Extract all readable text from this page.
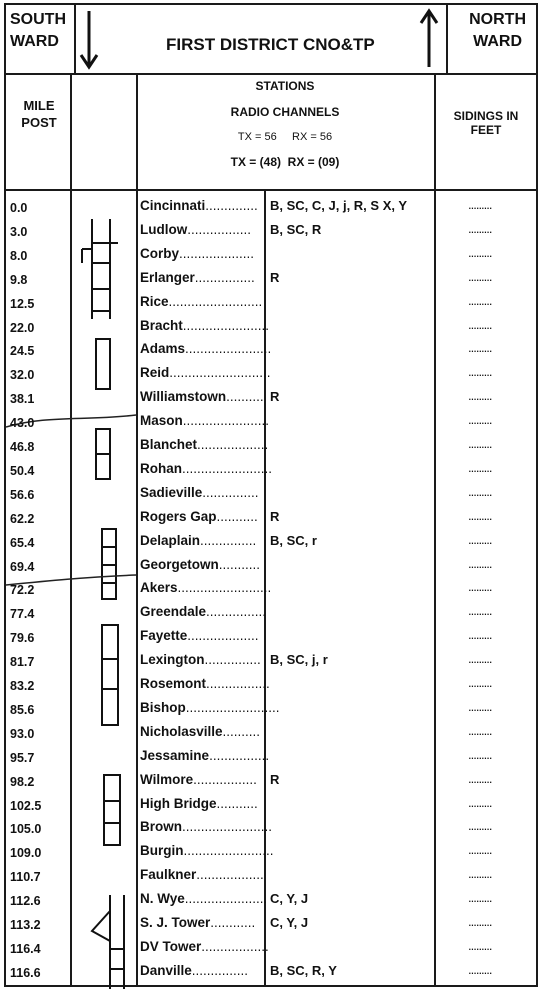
SOUTH
WARD	FIRST DISTRICT CNO&TP
NORTH
WARD
MILE
POST
STATIONS
RADIO CHANNELS
TX = 56     RX = 56
TX = (48)  RX = (09)
SIDINGS IN
FEET
0.0	Cincinnati.............. B, SC, C, J, j, R, S X, Y	.........
3.0	Ludlow................. B, SC, R	.........
8.0	Corby....................	.........
9.8	Erlanger................ R	.........
12.5	Rice.........................	.........
22.0	Bracht.......................	.........
24.5	Adams.......................	.........
32.0	Reid...........................	.........
38.1	Williamstown.......... R	.........
43.0	Mason.......................	.........
46.8	Blanchet...................	.........
50.4	Rohan........................	.........
56.6	Sadieville...............	.........
62.2	Rogers Gap........... R	.........
65.4	Delaplain............... B, SC, r	.........
69.4	Georgetown...........	.........
72.2	Akers.........................	.........
77.4	Greendale................	.........
79.6	Fayette...................	.........
81.7	Lexington............... B, SC, j, r	.........
83.2	Rosemont.................	.........
85.6	Bishop.........................	.........
93.0	Nicholasville..........	.........
95.7	Jessamine................	.........
98.2	Wilmore................. R	.........
102.5	High Bridge...........	.........
105.0	Brown........................	.........
109.0	Burgin........................	.........
110.7	Faulkner..................	.........
112.6	N. Wye...................... C, Y, J	.........
113.2	S. J. Tower............ C, Y, J	.........
116.4	DV Tower..................	.........
116.6	Danville............... B, SC, R, Y	.........
